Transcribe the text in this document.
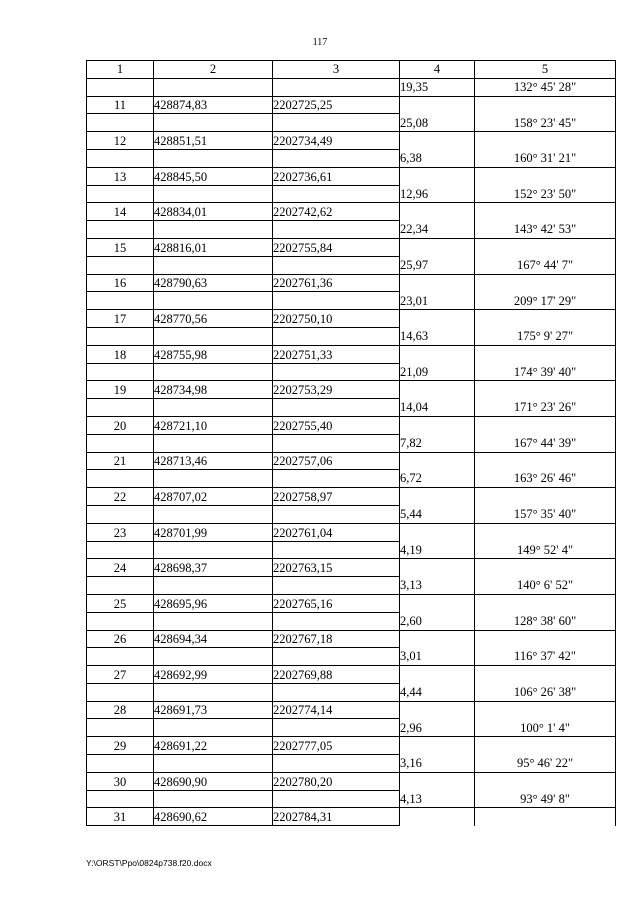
117
1	2	3	4	5
			19,35	132° 45' 28"
11	428874,83	2202725,25		
			25,08	158° 23' 45"
12	428851,51	2202734,49		
			6,38	160° 31' 21"
13	428845,50	2202736,61		
			12,96	152° 23' 50"
14	428834,01	2202742,62		
			22,34	143° 42' 53"
15	428816,01	2202755,84		
			25,97	167° 44' 7"
16	428790,63	2202761,36		
			23,01	209° 17' 29"
17	428770,56	2202750,10		
			14,63	175° 9' 27"
18	428755,98	2202751,33		
			21,09	174° 39' 40"
19	428734,98	2202753,29		
			14,04	171° 23' 26"
20	428721,10	2202755,40		
			7,82	167° 44' 39"
21	428713,46	2202757,06		
			6,72	163° 26' 46"
22	428707,02	2202758,97		
			5,44	157° 35' 40"
23	428701,99	2202761,04		
			4,19	149° 52' 4"
24	428698,37	2202763,15		
			3,13	140° 6' 52"
25	428695,96	2202765,16		
			2,60	128° 38' 60"
26	428694,34	2202767,18		
			3,01	116° 37' 42"
27	428692,99	2202769,88		
			4,44	106° 26' 38"
28	428691,73	2202774,14		
			2,96	100° 1' 4"
29	428691,22	2202777,05		
			3,16	95° 46' 22"
30	428690,90	2202780,20		
			4,13	93° 49' 8"
31	428690,62	2202784,31		
Y:\ORST\Ppo\0824p738.f20.docx
